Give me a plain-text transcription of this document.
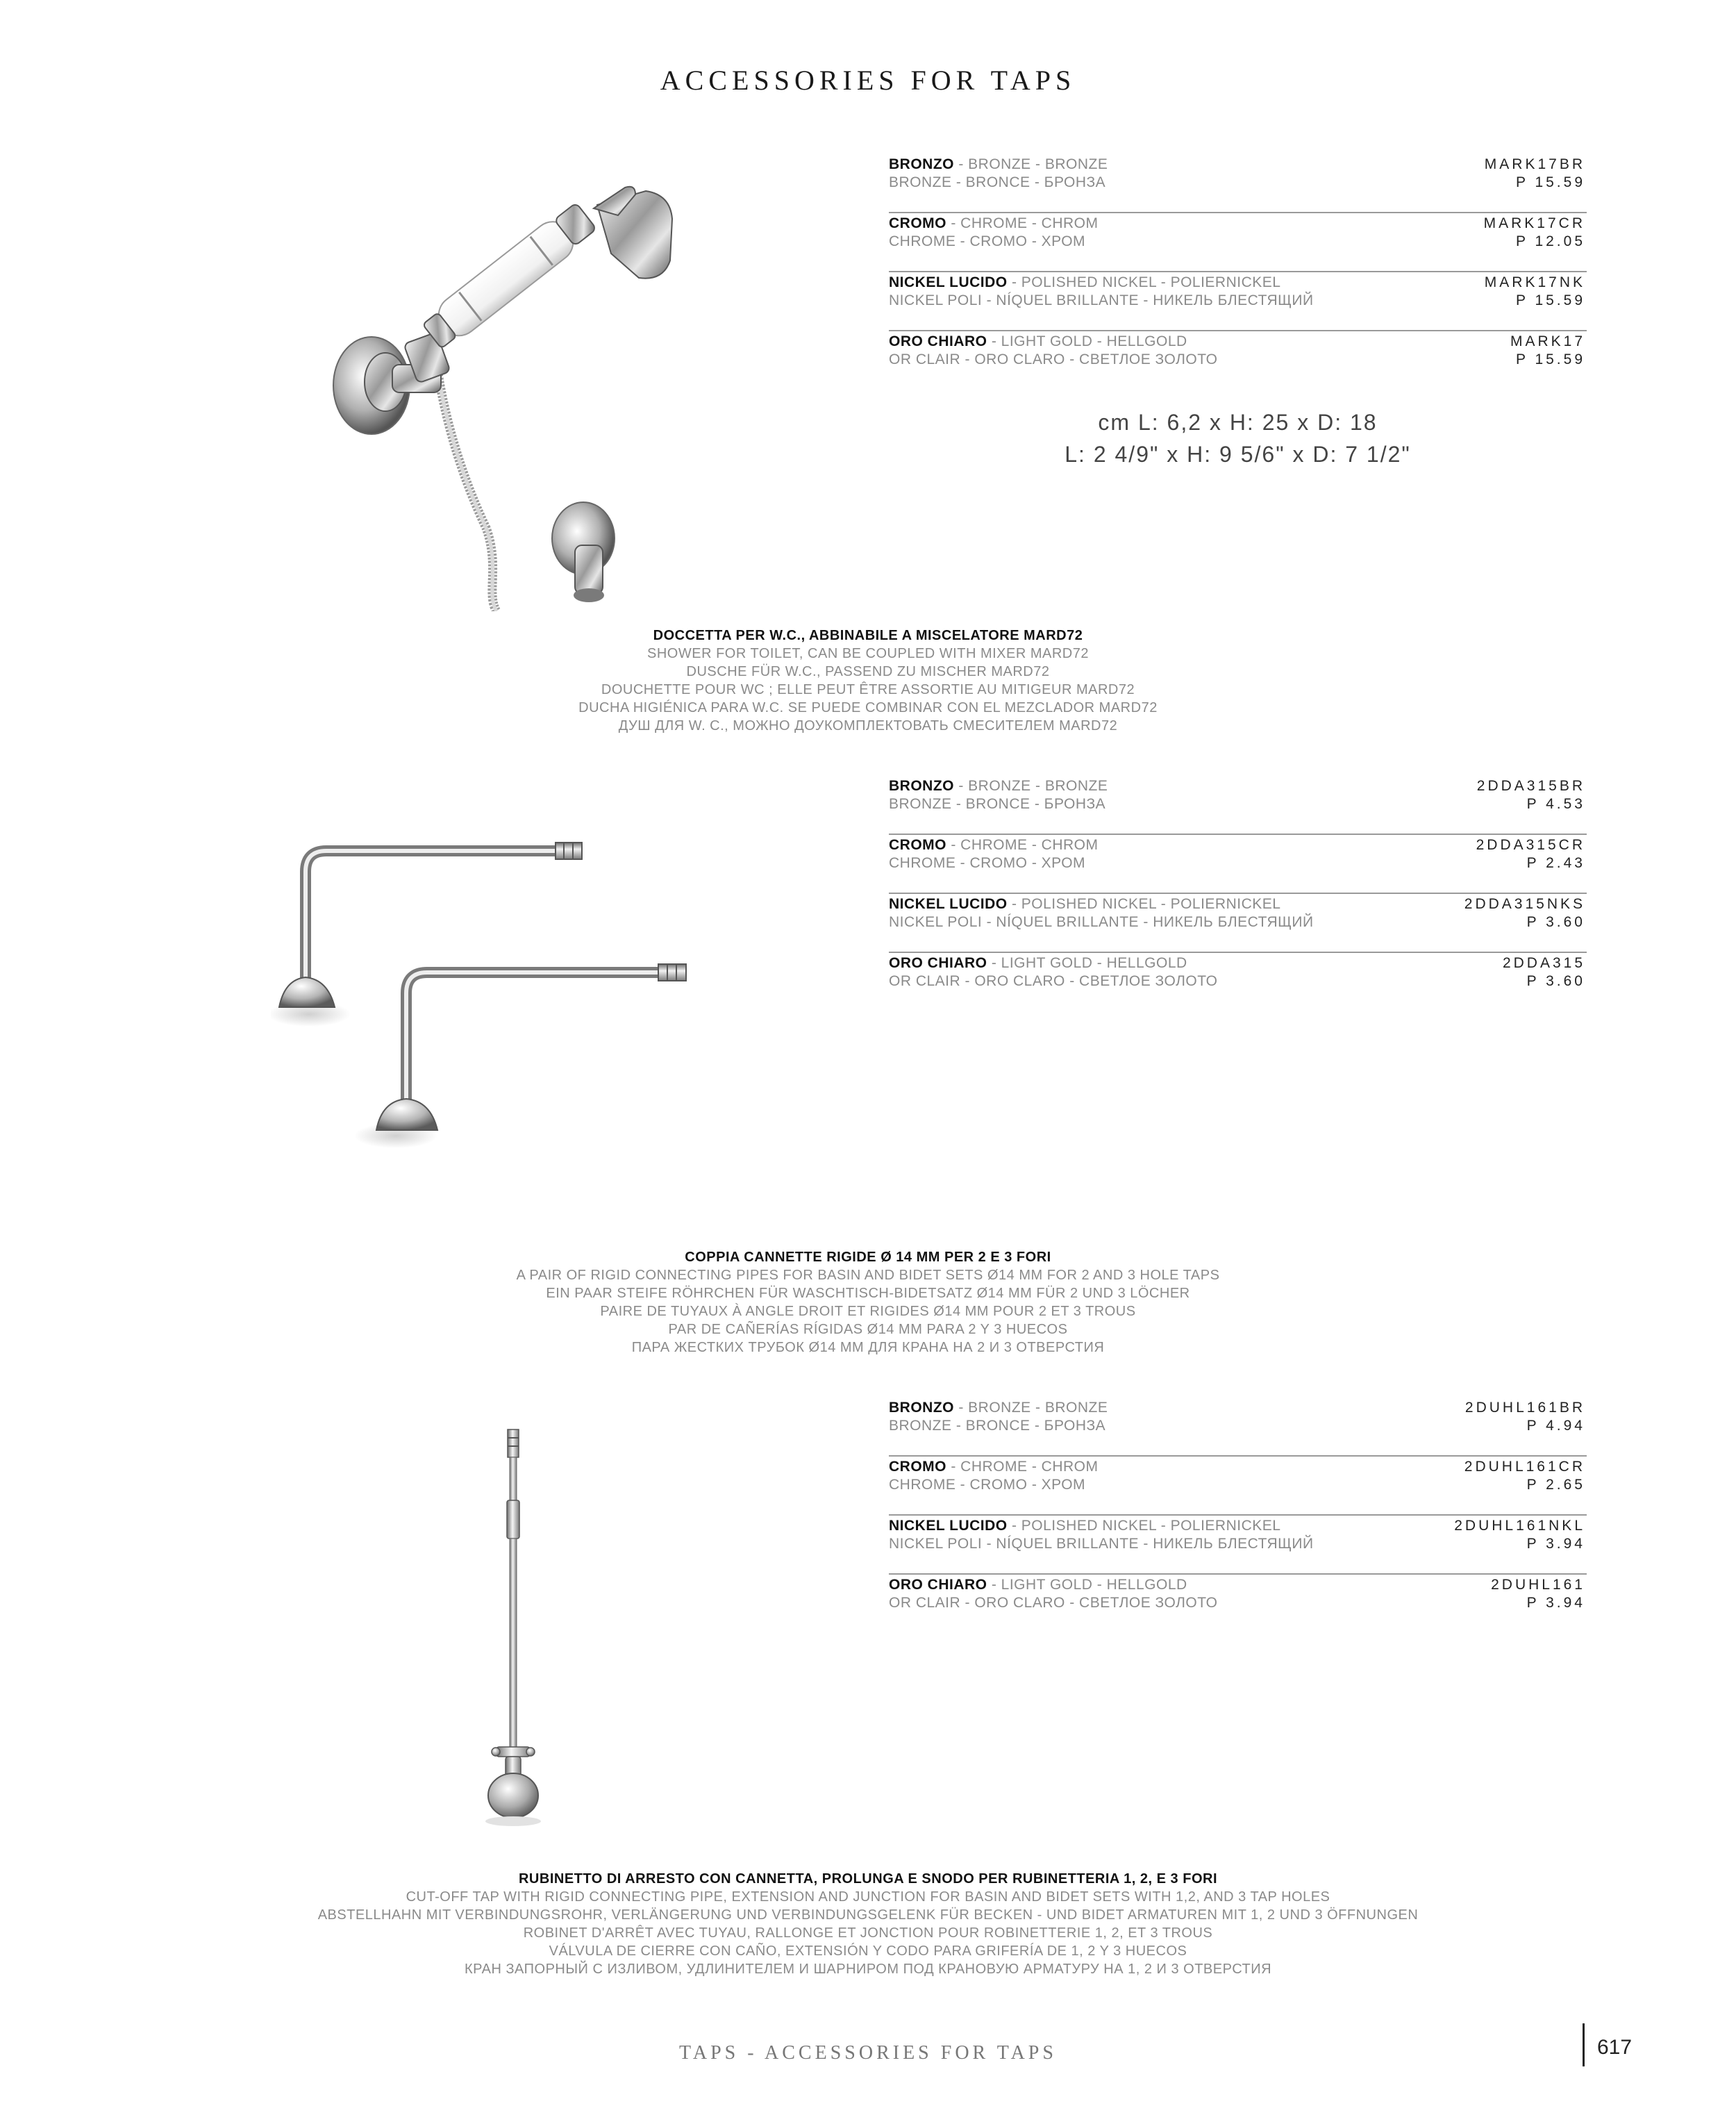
ACCESSORIES FOR TAPS
BRONZO - BRONZE - BRONZE
BRONZE - BRONCE - БРОНЗА
MARK17BR
P 15.59
CROMO - CHROME - CHROM
CHROME - CROMO - ХРОМ
MARK17CR
P 12.05
NICKEL LUCIDO - POLISHED NICKEL - POLIERNICKEL
NICKEL POLI - NÍQUEL BRILLANTE - НИКЕЛЬ БЛЕСТЯЩИЙ
MARK17NK
P 15.59
ORO CHIARO - LIGHT GOLD - HELLGOLD
OR CLAIR - ORO CLARO - СВЕТЛОЕ ЗОЛОТО
MARK17
P 15.59
cm L: 6,2 x H: 25 x D: 18
L: 2 4/9" x H: 9 5/6" x D: 7 1/2"
DOCCETTA PER W.C., ABBINABILE A MISCELATORE MARD72
SHOWER FOR TOILET, CAN BE COUPLED WITH MIXER MARD72
DUSCHE FÜR W.C., PASSEND ZU MISCHER MARD72
DOUCHETTE POUR WC ; ELLE PEUT ÊTRE ASSORTIE AU MITIGEUR MARD72
DUCHA HIGIÉNICA PARA W.C. SE PUEDE COMBINAR CON EL MEZCLADOR MARD72
ДУШ ДЛЯ W. C., МОЖНО ДОУКОМПЛЕКТОВАТЬ СМЕСИТЕЛЕМ MARD72
BRONZO - BRONZE - BRONZE
BRONZE - BRONCE - БРОНЗА
2DDA315BR
P 4.53
CROMO - CHROME - CHROM
CHROME - CROMO - ХРОМ
2DDA315CR
P 2.43
NICKEL LUCIDO - POLISHED NICKEL - POLIERNICKEL
NICKEL POLI - NÍQUEL BRILLANTE - НИКЕЛЬ БЛЕСТЯЩИЙ
2DDA315NKS
P 3.60
ORO CHIARO - LIGHT GOLD - HELLGOLD
OR CLAIR - ORO CLARO - СВЕТЛОЕ ЗОЛОТО
2DDA315
P 3.60
COPPIA CANNETTE RIGIDE Ø 14 MM PER 2 E 3 FORI
A PAIR OF RIGID CONNECTING PIPES FOR BASIN AND BIDET SETS Ø14 MM FOR 2 AND 3 HOLE TAPS
EIN PAAR STEIFE RÖHRCHEN FÜR WASCHTISCH-BIDETSATZ Ø14 MM FÜR 2 UND 3 LÖCHER
PAIRE DE TUYAUX À ANGLE DROIT ET RIGIDES Ø14 MM POUR 2 ET 3 TROUS
PAR DE CAÑERÍAS RÍGIDAS Ø14 MM PARA 2 Y 3 HUECOS
ПАРА ЖЕСТКИХ ТРУБОК Ø14 ММ ДЛЯ КРАНА НА 2 И 3 ОТВЕРСТИЯ
BRONZO - BRONZE - BRONZE
BRONZE - BRONCE - БРОНЗА
2DUHL161BR
P 4.94
CROMO - CHROME - CHROM
CHROME - CROMO - ХРОМ
2DUHL161CR
P 2.65
NICKEL LUCIDO - POLISHED NICKEL - POLIERNICKEL
NICKEL POLI - NÍQUEL BRILLANTE - НИКЕЛЬ БЛЕСТЯЩИЙ
2DUHL161NKL
P 3.94
ORO CHIARO - LIGHT GOLD - HELLGOLD
OR CLAIR - ORO CLARO - СВЕТЛОЕ ЗОЛОТО
2DUHL161
P 3.94
RUBINETTO DI ARRESTO CON CANNETTA, PROLUNGA E SNODO PER RUBINETTERIA 1, 2, E 3 FORI
CUT-OFF TAP WITH RIGID CONNECTING PIPE, EXTENSION AND JUNCTION FOR BASIN AND BIDET SETS WITH 1,2, AND 3 TAP HOLES
ABSTELLHAHN MIT VERBINDUNGSROHR, VERLÄNGERUNG UND VERBINDUNGSGELENK FÜR BECKEN - UND BIDET ARMATUREN MIT 1, 2 UND 3 ÖFFNUNGEN
ROBINET D'ARRÊT AVEC TUYAU, RALLONGE ET JONCTION POUR ROBINETTERIE 1, 2, ET 3 TROUS
VÁLVULA DE CIERRE CON CAÑO, EXTENSIÓN Y CODO PARA GRIFERÍA DE 1, 2 Y 3 HUECOS
КРАН ЗАПОРНЫЙ С ИЗЛИВОМ, УДЛИНИТЕЛЕМ И ШАРНИРОМ ПОД КРАНОВУЮ АРМАТУРУ НА 1, 2 И 3 ОТВЕРСТИЯ
TAPS - ACCESSORIES FOR TAPS	617
